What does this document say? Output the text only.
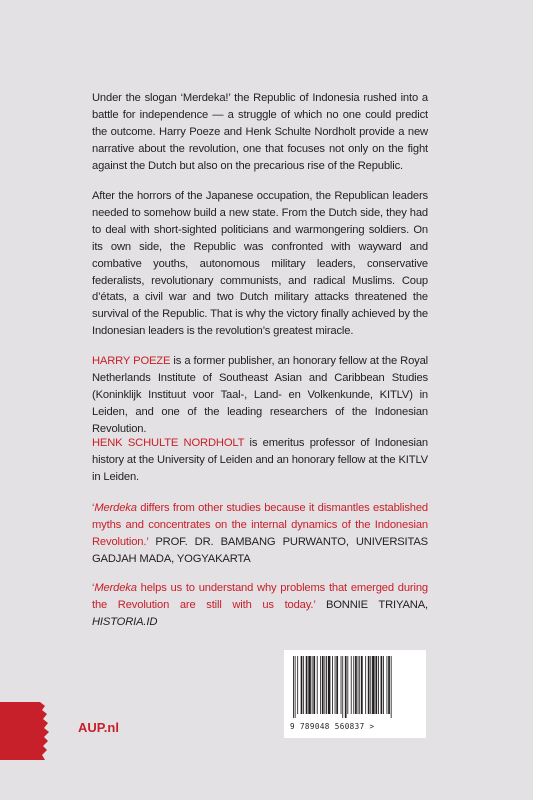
Under the slogan ‘Merdeka!’ the Republic of Indonesia rushed into a battle for independence — a struggle of which no one could predict the outcome. Harry Poeze and Henk Schulte Nordholt provide a new narrative about the revolution, one that focuses not only on the fight against the Dutch but also on the precarious rise of the Republic.
After the horrors of the Japanese occupation, the Republican leaders needed to somehow build a new state. From the Dutch side, they had to deal with short-sighted politicians and warmongering soldiers. On its own side, the Republic was confronted with wayward and combative youths, autonomous military leaders, conservative federalists, revolutionary communists, and radical Muslims. Coup d’états, a civil war and two Dutch military attacks threatened the survival of the Republic. That is why the victory finally achieved by the Indonesian leaders is the revolution’s greatest miracle.
HARRY POEZE is a former publisher, an honorary fellow at the Royal Netherlands Institute of Southeast Asian and Caribbean Studies (Koninklijk Instituut voor Taal-, Land- en Volkenkunde, KITLV) in Leiden, and one of the leading researchers of the Indonesian Revolution.
HENK SCHULTE NORDHOLT is emeritus professor of Indonesian history at the University of Leiden and an honorary fellow at the KITLV in Leiden.
‘Merdeka differs from other studies because it dismantles established myths and concentrates on the internal dynamics of the Indonesian Revolution.’ PROF. DR. BAMBANG PURWANTO, UNIVERSITAS GADJAH MADA, YOGYAKARTA
‘Merdeka helps us to understand why problems that emerged during the Revolution are still with us today.’ BONNIE TRIYANA, HISTORIA.ID
9 789048 560837 >
AUP.nl
